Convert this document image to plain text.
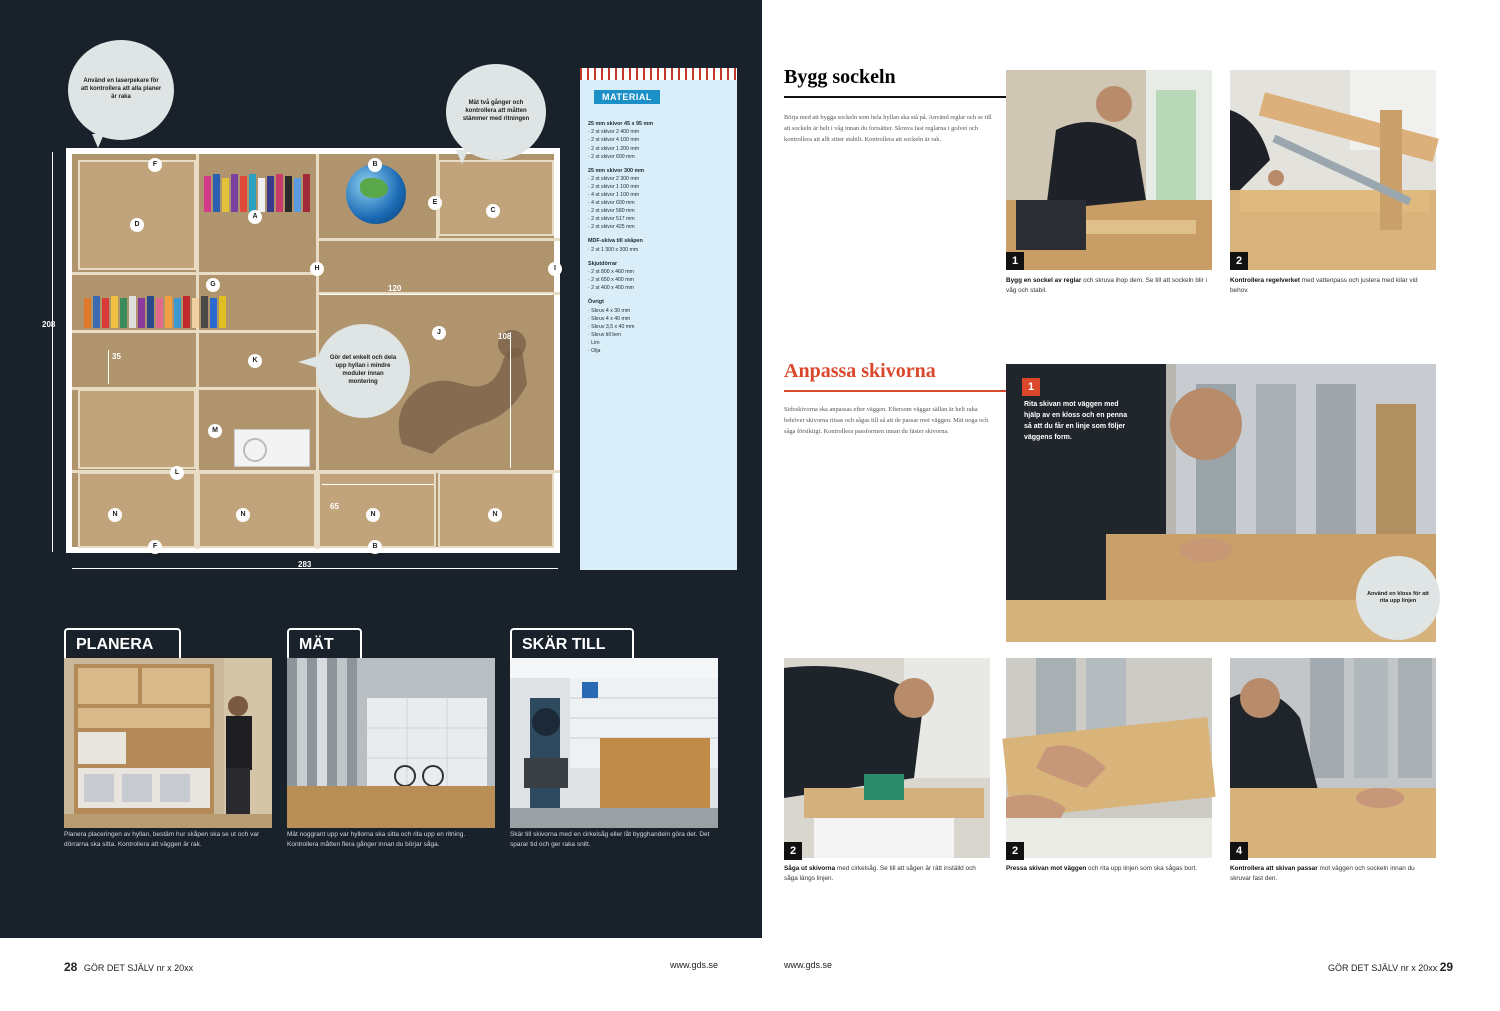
208
283
F	B
D
A
C
E
G
H	I
J
K
L
M
N	N	N	N
F	B
120
108
35
65
Använd en laserpekare för att kontrollera att alla planer är raka
Mät två gånger och kontrollera att måtten stämmer med ritningen
Gör det enkelt och dela upp hyllan i mindre moduler innan montering
MATERIAL
25 mm skivor 45 x 95 mm

· 2 st skivor 2 400 mm

· 2 st skivor 4 100 mm

· 2 st skivor 1 200 mm

· 2 st skivor 600 mm

25 mm skivor 300 mm

· 2 st skivor 2 300 mm

· 2 st skivor 1 100 mm

· 4 st skivor 1 100 mm

· 4 st skivor 600 mm

· 2 st skivor 580 mm

· 2 st skivor 517 mm

· 2 st skivor 425 mm

MDF-skiva till skåpen

· 2 st 1 300 x 300 mm

Skjutdörrar

· 2 st 800 x 460 mm

· 2 st 650 x 400 mm

· 2 st 400 x 400 mm

Övrigt

· Skruv 4 x 30 mm

· Skruv 4 x 40 mm

· Skruv 3,5 x 40 mm

· Skruv till ben

· Lim

· Olja

PLANERA
Planera placeringen av hyllan, bestäm hur skåpen ska se ut och var dörrarna ska sitta. Kontrollera att väggen är rak.
MÄT
Mät noggrant upp var hyllorna ska sitta och rita upp en ritning. Kontrollera måtten flera gånger innan du börjar såga.
SKÄR TILL
Skär till skivorna med en cirkelsåg eller låt bygghandeln göra det. Det sparar tid och ger raka snitt.
28 GÖR DET SJÄLV nr x 20xx	www.gds.se
Bygg sockeln
Börja med att bygga sockeln som hela hyllan ska stå på. Använd reglar och se till att sockeln är helt i våg innan du fortsätter. Skruva fast reglarna i golvet och kontrollera att allt sitter stabilt. Kontrollera att sockeln är rak.
Anpassa skivorna
Sidoskivorna ska anpassas efter väggen. Eftersom väggar sällan är helt raka behöver skivorna ritsas och sågas till så att de passar mot väggen. Mät noga och såga försiktigt. Kontrollera passformen innan du fäster skivorna.
1
Bygg en sockel av reglar och skruva ihop dem. Se till att sockeln blir i våg och stabil.
2
Kontrollera regelverket med vattenpass och justera med kilar vid behov.
1
Rita skivan mot väggen med hjälp av en kloss och en penna så att du får en linje som följer väggens form.
Använd en kloss för att rita upp linjen
2
Såga ut skivorna med cirkelsåg. Se till att sågen är rätt inställd och såga längs linjen.
2
Pressa skivan mot väggen och rita upp linjen som ska sågas bort.
4
Kontrollera att skivan passar mot väggen och sockeln innan du skruvar fast den.
www.gds.se	GÖR DET SJÄLV nr x 20xx 29
